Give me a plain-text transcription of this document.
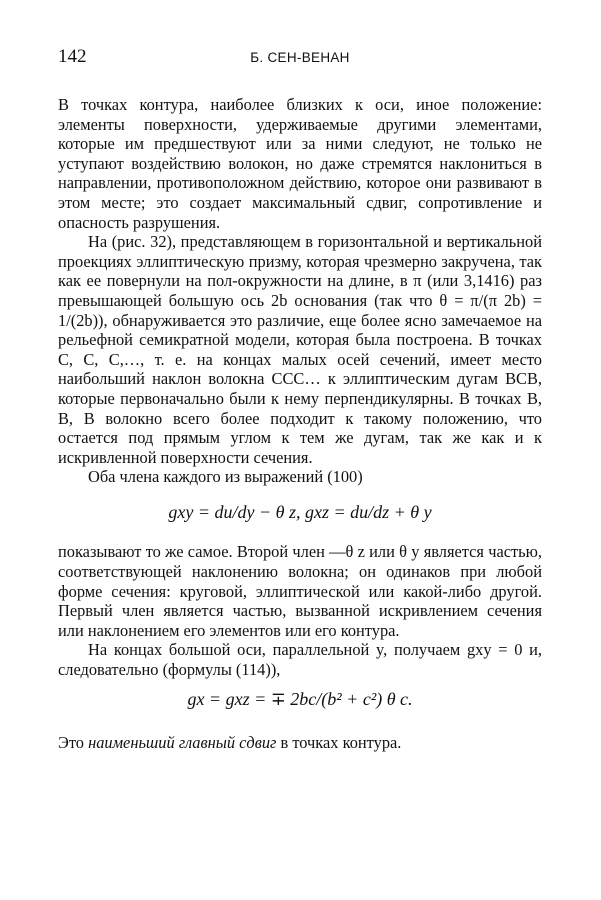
142	Б. СЕН-ВЕНАН

В точках контура, наиболее близких к оси, иное положение: элементы поверхности, удерживаемые другими элементами, которые им предшествуют или за ними следуют, не только не уступают воздействию волокон, но даже стремятся наклониться в направлении, противоположном действию, которое они развивают в этом месте; это создает максимальный сдвиг, сопротивление и опасность разрушения.

На (рис. 32), представляющем в горизонтальной и вертикальной проекциях эллиптическую призму, которая чрезмерно закручена, так как ее повернули на пол-окружности на длине, в π (или 3,1416) раз превышающей большую ось 2b основания (так что θ = π/(π 2b) = 1/(2b)), обнаруживается это различие, еще более ясно замечаемое на рельефной семикратной модели, которая была построена. В точках C, C, C,…, т. е. на концах малых осей сечений, имеет место наибольший наклон волокна CCC… к эллиптическим дугам BCB, которые первоначально были к нему перпендикулярны. В точках B, B, B волокно всего более подходит к такому положению, что остается под прямым углом к тем же дугам, так же как и к искривленной поверхности сечения.

Оба члена каждого из выражений (100)

gxy = du/dy − θ z, gxz = du/dz + θ y

показывают то же самое. Второй член —θ z или θ y является частью, соответствующей наклонению волокна; он одинаков при любой форме сечения: круговой, эллиптической или какой-либо другой. Первый член является частью, вызванной искривлением сечения или наклонением его элементов или его контура.

На концах большой оси, параллельной y, получаем gxy = 0 и, следовательно (формулы (114)),

gx = gxz = ∓ 2bc/(b² + c²) θ c.

Это наименьший главный сдвиг в точках контура.
